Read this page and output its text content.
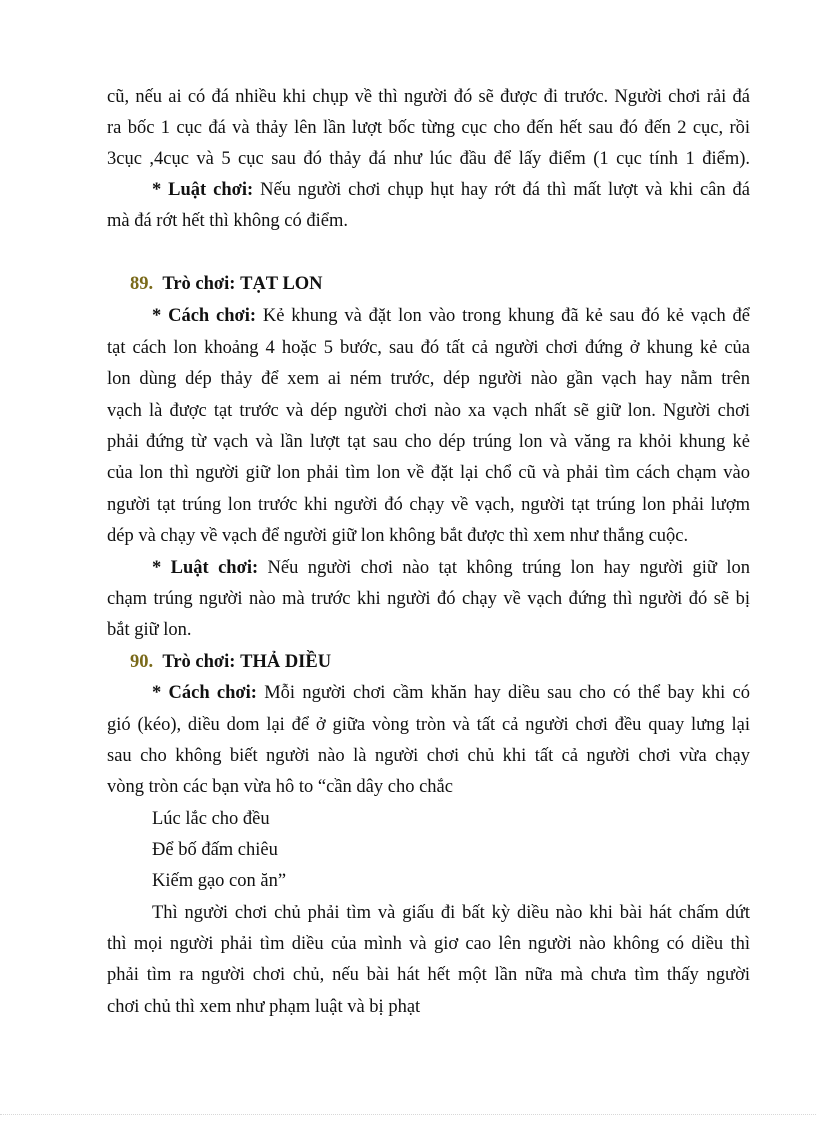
cũ, nếu ai có đá nhiều khi chụp về thì người đó sẽ được đi trước. Người chơi rải đá
ra bốc 1 cục đá và thảy lên lần lượt bốc từng cục cho đến hết sau đó đến 2 cục, rồi
3cục ,4cục và 5 cục sau đó thảy đá như lúc đầu để lấy điểm (1 cục tính 1 điểm).
* Luật chơi: Nếu người chơi chụp hụt hay rớt đá thì mất lượt và khi cân đá
mà đá rớt hết thì không có điểm.
89. Trò chơi: TẠT LON
* Cách chơi: Kẻ khung và đặt lon vào trong khung đã kẻ sau đó kẻ vạch để
tạt cách lon khoảng 4 hoặc 5 bước, sau đó tất cả người chơi đứng ở khung kẻ của
lon dùng dép thảy để xem ai ném trước, dép người nào gần vạch hay nằm trên
vạch là được tạt trước và dép người chơi nào xa vạch nhất sẽ giữ lon. Người chơi
phải đứng từ vạch và lần lượt tạt sau cho dép trúng lon và văng ra khỏi khung kẻ
của lon thì người giữ lon phải tìm lon về đặt lại chổ cũ và phải tìm cách chạm vào
người tạt trúng lon trước khi người đó chạy về vạch, người tạt trúng lon phải lượm
dép và chạy về vạch để người giữ lon không bắt được thì xem như thắng cuộc.
* Luật chơi: Nếu người chơi nào tạt không trúng lon hay người giữ lon
chạm trúng người nào mà trước khi người đó chạy về vạch đứng thì người đó sẽ bị
bắt giữ lon.
90. Trò chơi: THẢ DIỀU
* Cách chơi: Mỗi người chơi cầm khăn hay diều sau cho có thể bay khi có
gió (kéo), diều dom lại để ở giữa vòng tròn và tất cả người chơi đều quay lưng lại
sau cho không biết người nào là người chơi chủ khi tất cả người chơi vừa chạy
vòng tròn các bạn vừa hô to “cần dây cho chắc
Lúc lắc cho đều
Để bố đấm chiêu
Kiếm gạo con ăn”
Thì người chơi chủ phải tìm và giấu đi bất kỳ diều nào khi bài hát chấm dứt
thì mọi người phải tìm diều của mình và giơ cao lên người nào không có diều thì
phải tìm ra người chơi chủ, nếu bài hát hết một lần nữa mà chưa tìm thấy người
chơi chủ thì xem như phạm luật và bị phạt
